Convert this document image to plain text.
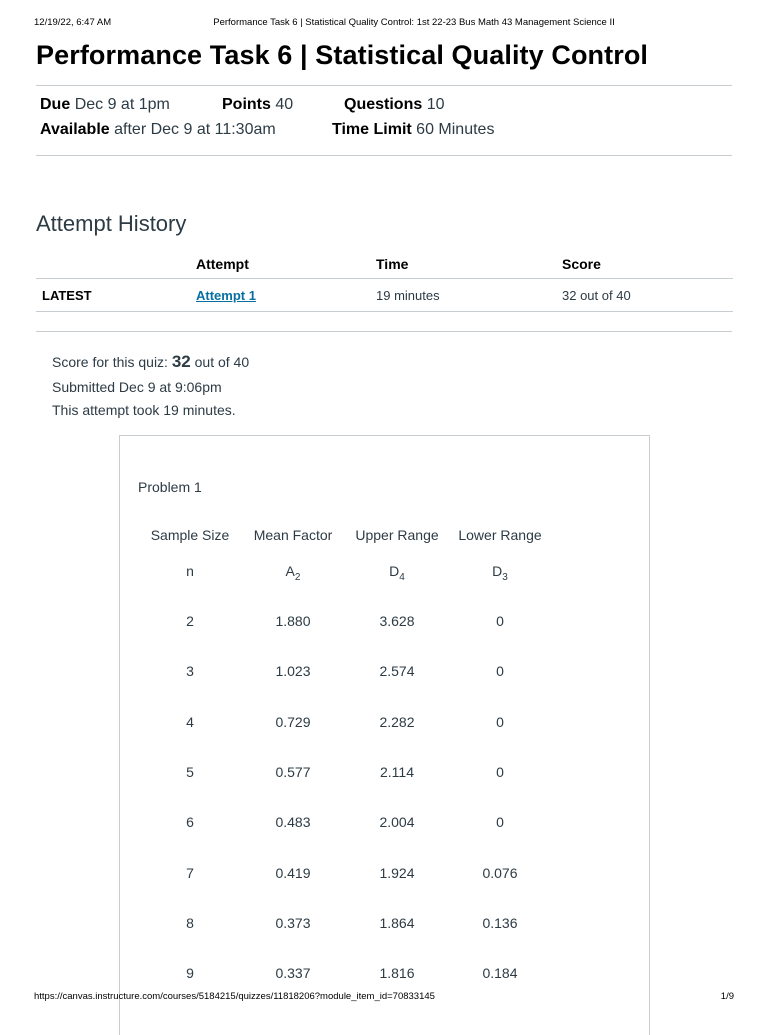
12/19/22, 6:47 AM	Performance Task 6 | Statistical Quality Control: 1st 22-23 Bus Math 43 Management Science II
Performance Task 6 | Statistical Quality Control
Due Dec 9 at 1pm	Points 40	Questions 10
Available after Dec 9 at 11:30am	Time Limit 60 Minutes
Attempt History
	Attempt	Time	Score
LATEST	Attempt 1	19 minutes	32 out of 40
Score for this quiz: 32 out of 40
Submitted Dec 9 at 9:06pm
This attempt took 19 minutes.
Problem 1
Sample Size	Mean Factor	Upper Range	Lower Range
n	$A_2$	$D_4$	$D_3$
2	1.880	3.628	0
3	1.023	2.574	0
4	0.729	2.282	0
5	0.577	2.114	0
6	0.483	2.004	0
7	0.419	1.924	0.076
8	0.373	1.864	0.136
9	0.337	1.816	0.184
https://canvas.instructure.com/courses/5184215/quizzes/11818206?module_item_id=70833145	1/9
